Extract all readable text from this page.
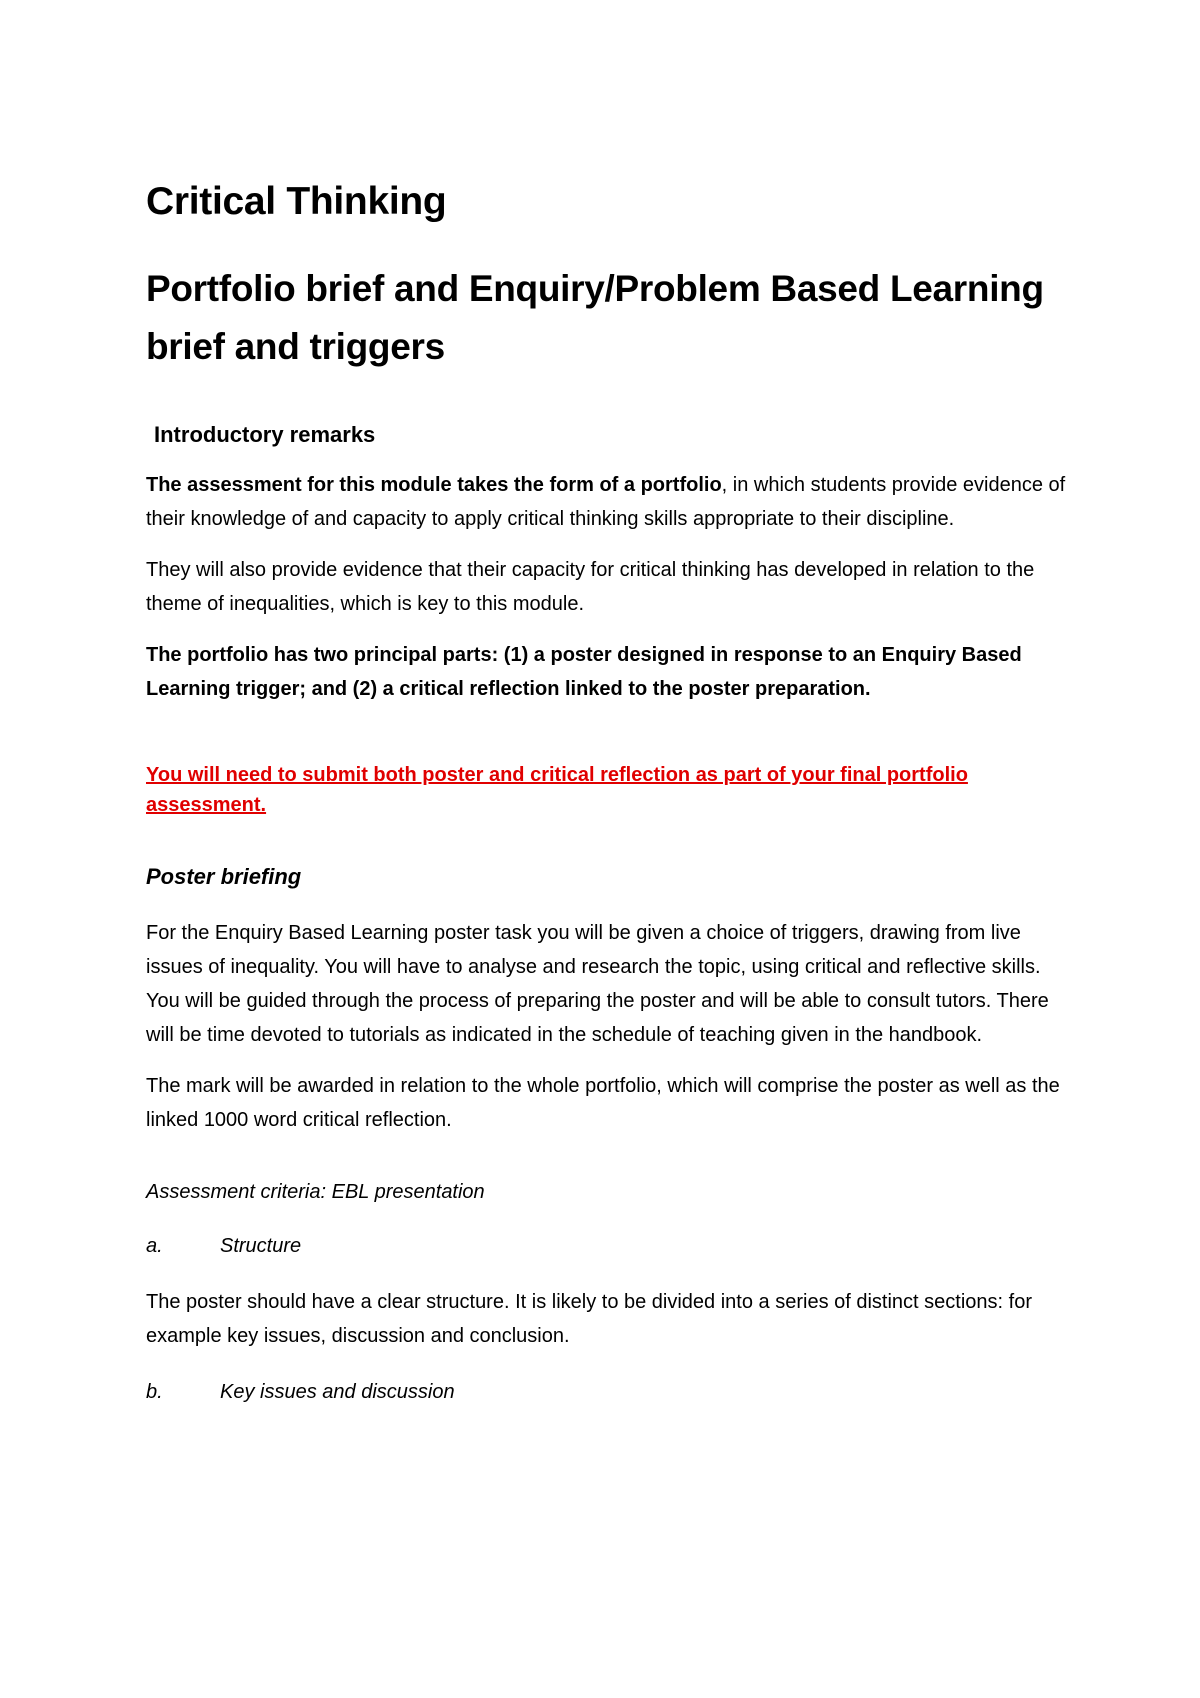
Critical Thinking
Portfolio brief and Enquiry/Problem Based Learning brief and triggers
Introductory remarks

The assessment for this module takes the form of a portfolio, in which students provide evidence of their knowledge of and capacity to apply critical thinking skills appropriate to their discipline.

They will also provide evidence that their capacity for critical thinking has developed in relation to the theme of inequalities, which is key to this module.

The portfolio has two principal parts: (1) a poster designed in response to an Enquiry Based Learning trigger; and (2) a critical reflection linked to the poster preparation.

You will need to submit both poster and critical reflection as part of your final portfolio assessment.

Poster briefing

For the Enquiry Based Learning poster task you will be given a choice of triggers, drawing from live issues of inequality. You will have to analyse and research the topic, using critical and reflective skills. You will be guided through the process of preparing the poster and will be able to consult tutors. There will be time devoted to tutorials as indicated in the schedule of teaching given in the handbook.

The mark will be awarded in relation to the whole portfolio, which will comprise the poster as well as the linked 1000 word critical reflection.

Assessment criteria: EBL presentation
a.	Structure

The poster should have a clear structure. It is likely to be divided into a series of distinct sections: for example key issues, discussion and conclusion.

b.	Key issues and discussion
